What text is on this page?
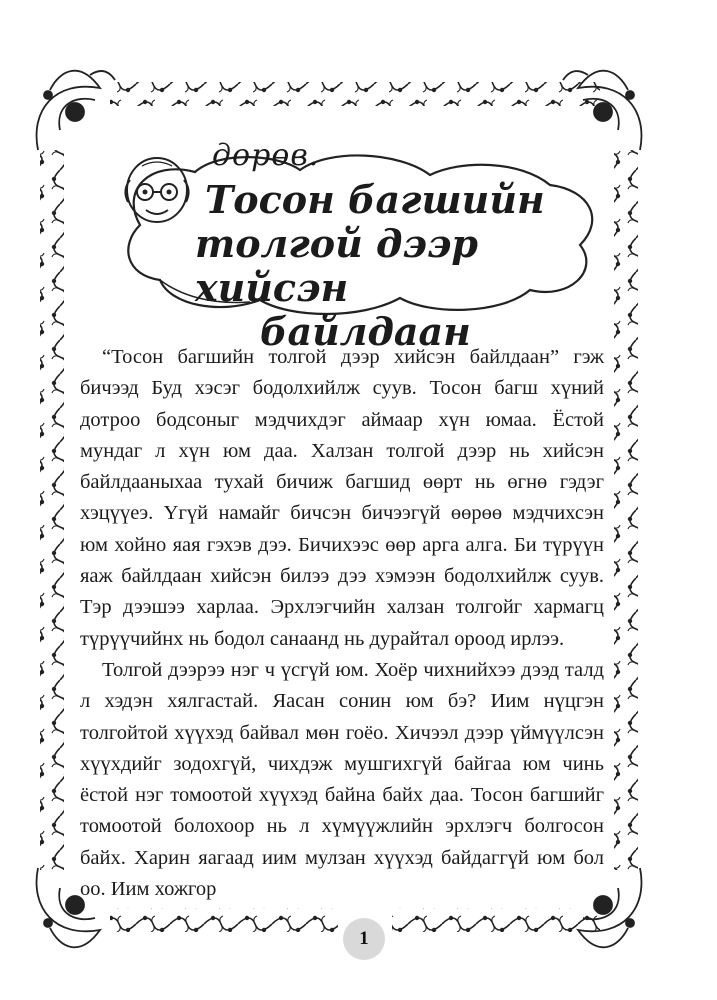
дорөв.
Тосон багшийн
толгой дээр хийсэн
байлдаан

“Тосон багшийн толгой дээр хийсэн байлдаан” гэж бичээд Буд хэсэг бодолхийлж суув. Тосон багш хүний дотроо бодсоныг мэдчихдэг аймаар хүн юмаа. Ёстой мундаг л хүн юм даа. Халзан толгой дээр нь хийсэн байлдааныхаа тухай бичиж багшид өөрт нь өгнө гэдэг хэцүүеэ. Үгүй намайг бичсэн бичээгүй өөрөө мэдчихсэн юм хойно яая гэхэв дээ. Бичихээс өөр арга алга. Би түрүүн яаж байлдаан хийсэн билээ дээ хэмээн бодолхийлж суув. Тэр дээшээ харлаа. Эрхлэгчийн халзан толгойг хармагц түрүүчийнх нь бодол санаанд нь дурайтал ороод ирлээ.

Толгой дээрээ нэг ч үсгүй юм. Хоёр чихнийхээ дээд талд л хэдэн хялгастай. Яасан сонин юм бэ? Иим нүцгэн толгойтой хүүхэд байвал мөн гоёо. Хичээл дээр үймүүлсэн хүүхдийг зодохгүй, чихдэж мушгихгүй байгаа юм чинь ёстой нэг томоотой хүүхэд байна байх даа. Тосон багшийг томоотой болохоор нь л хүмүүжлийн эрхлэгч болгосон байх. Харин яагаад иим мулзан хүүхэд байдаггүй юм бол оо. Иим хожгор

1
